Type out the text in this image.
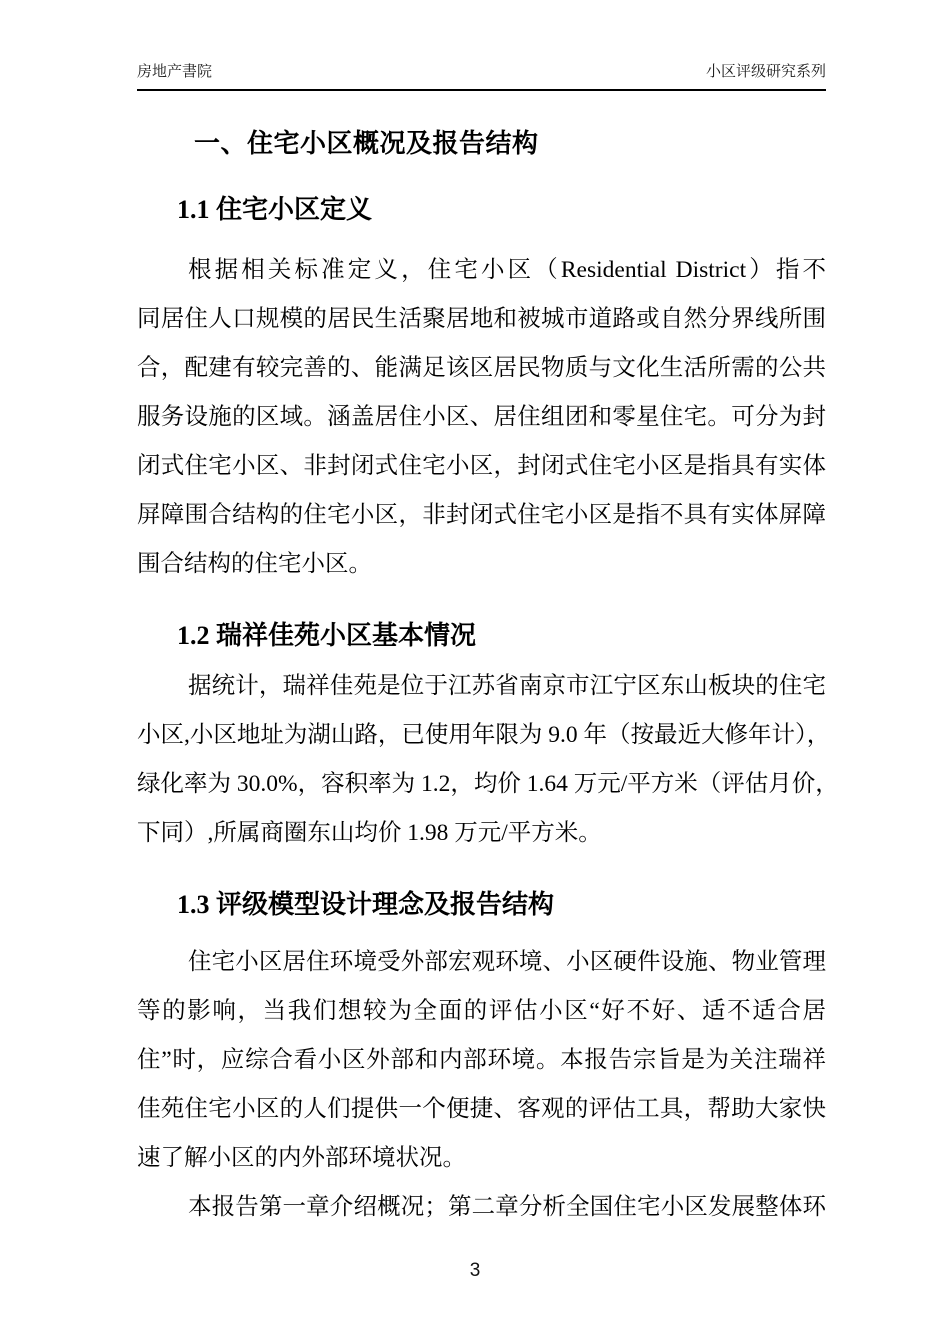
房地产書院	小区评级研究系列
一、住宅小区概况及报告结构
1.1 住宅小区定义
根据相关标准定义，住宅小区（Residential District）指不
同居住人口规模的居民生活聚居地和被城市道路或自然分界线所围
合，配建有较完善的、能满足该区居民物质与文化生活所需的公共
服务设施的区域。涵盖居住小区、居住组团和零星住宅。可分为封
闭式住宅小区、非封闭式住宅小区，封闭式住宅小区是指具有实体
屏障围合结构的住宅小区，非封闭式住宅小区是指不具有实体屏障
围合结构的住宅小区。
1.2 瑞祥佳苑小区基本情况
据统计，瑞祥佳苑是位于江苏省南京市江宁区东山板块的住宅
小区,小区地址为湖山路，已使用年限为 9.0 年（按最近大修年计），
绿化率为 30.0%，容积率为 1.2，均价 1.64 万元/平方米（评估月价，
下同）,所属商圈东山均价 1.98 万元/平方米。
1.3 评级模型设计理念及报告结构
住宅小区居住环境受外部宏观环境、小区硬件设施、物业管理
等的影响，当我们想较为全面的评估小区“好不好、适不适合居
住”时，应综合看小区外部和内部环境。本报告宗旨是为关注瑞祥
佳苑住宅小区的人们提供一个便捷、客观的评估工具，帮助大家快
速了解小区的内外部环境状况。
本报告第一章介绍概况；第二章分析全国住宅小区发展整体环
3
